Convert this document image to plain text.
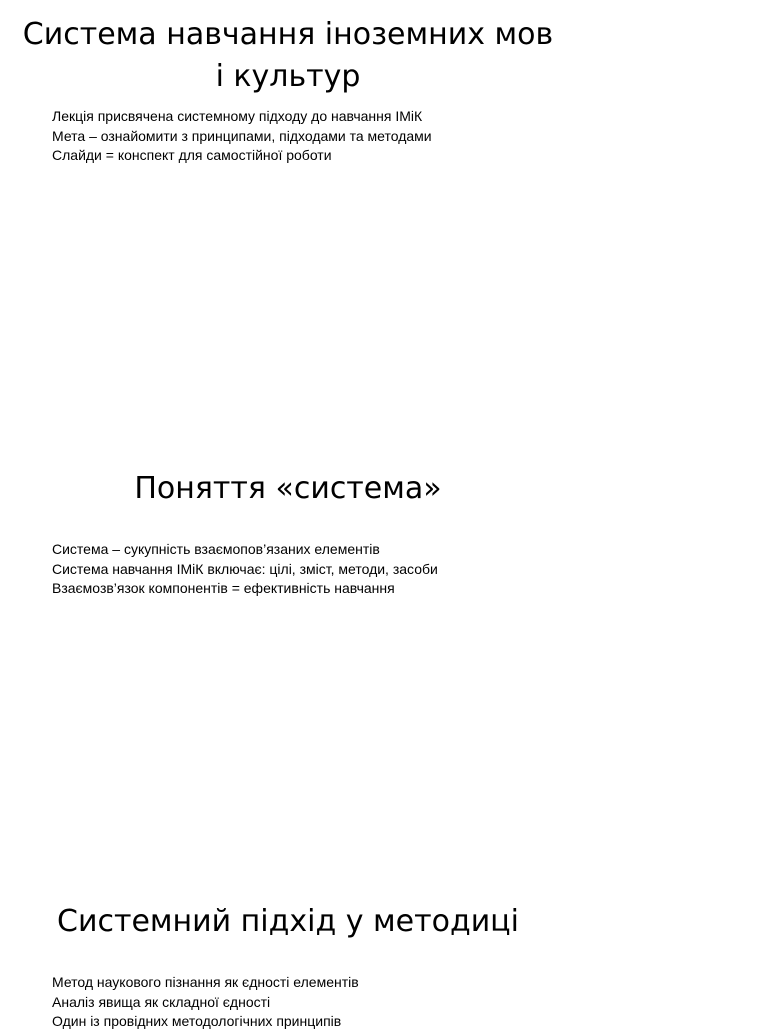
Система навчання іноземних мов і культур
Лекція присвячена системному підходу до навчання ІМіК
Мета – ознайомити з принципами, підходами та методами
Слайди = конспект для самостійної роботи
Поняття «система»
Система – сукупність взаємопов’язаних елементів
Система навчання ІМіК включає: цілі, зміст, методи, засоби
Взаємозв’язок компонентів = ефективність навчання
Системний підхід у методиці
Метод наукового пізнання як єдності елементів
Аналіз явища як складної єдності
Один із провідних методологічних принципів
